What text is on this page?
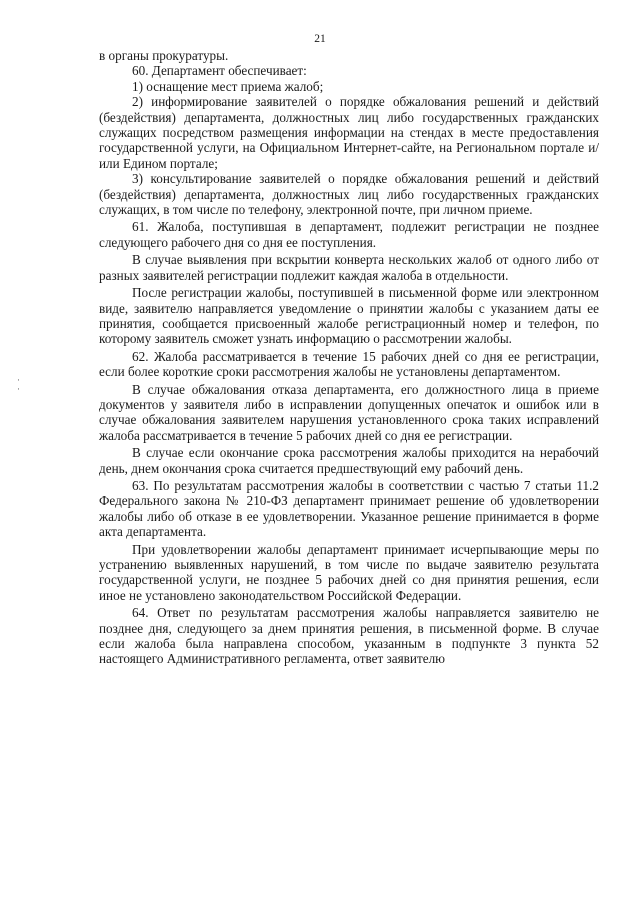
21
·
·

в органы прокуратуры.

60. Департамент обеспечивает:

1) оснащение мест приема жалоб;

2) информирование заявителей о порядке обжалования решений и действий (бездействия) департамента, должностных лиц либо государственных гражданских служащих посредством размещения информации на стендах в месте предоставления государственной услуги, на Официальном Интернет-сайте, на Региональном портале и/или Едином портале;

3) консультирование заявителей о порядке обжалования решений и действий (бездействия) департамента, должностных лиц либо государственных гражданских служащих, в том числе по телефону, электронной почте, при личном приеме.

61. Жалоба, поступившая в департамент, подлежит регистрации не позднее следующего рабочего дня со дня ее поступления.

В случае выявления при вскрытии конверта нескольких жалоб от одного либо от разных заявителей регистрации подлежит каждая жалоба в отдельности.

После регистрации жалобы, поступившей в письменной форме или электронном виде, заявителю направляется уведомление о принятии жалобы с указанием даты ее принятия, сообщается присвоенный жалобе регистрационный номер и телефон, по которому заявитель сможет узнать информацию о рассмотрении жалобы.

62. Жалоба рассматривается в течение 15 рабочих дней со дня ее регистрации, если более короткие сроки рассмотрения жалобы не установлены департаментом.

В случае обжалования отказа департамента, его должностного лица в приеме документов у заявителя либо в исправлении допущенных опечаток и ошибок или в случае обжалования заявителем нарушения установленного срока таких исправлений жалоба рассматривается в течение 5 рабочих дней со дня ее регистрации.

В случае если окончание срока рассмотрения жалобы приходится на нерабочий день, днем окончания срока считается предшествующий ему рабочий день.

63. По результатам рассмотрения жалобы в соответствии с частью 7 статьи 11.2 Федерального закона № 210-ФЗ департамент принимает решение об удовлетворении жалобы либо об отказе в ее удовлетворении. Указанное решение принимается в форме акта департамента.

При удовлетворении жалобы департамент принимает исчерпывающие меры по устранению выявленных нарушений, в том числе по выдаче заявителю результата государственной услуги, не позднее 5 рабочих дней со дня принятия решения, если иное не установлено законодательством Российской Федерации.

64. Ответ по результатам рассмотрения жалобы направляется заявителю не позднее дня, следующего за днем принятия решения, в письменной форме. В случае если жалоба была направлена способом, указанным в подпункте 3 пункта 52 настоящего Административного регламента, ответ заявителю
